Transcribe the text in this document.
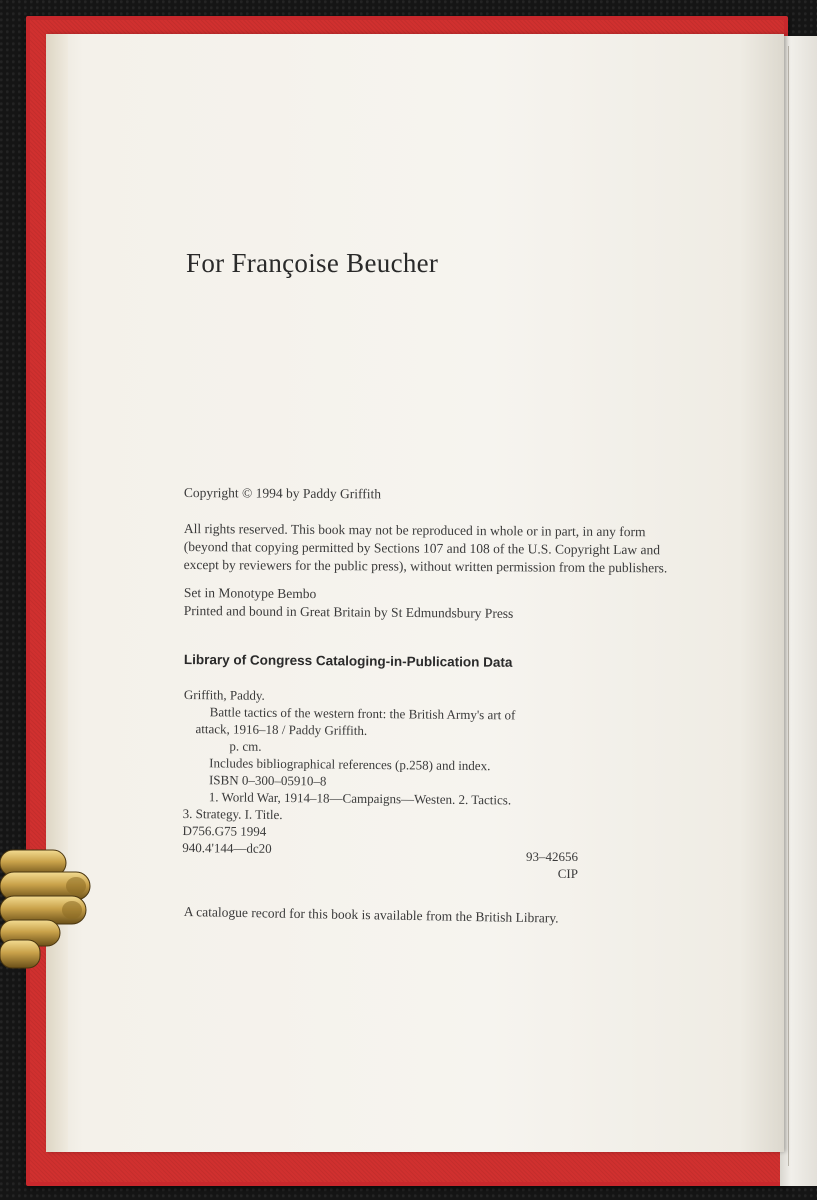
For Françoise Beucher
Copyright © 1994 by Paddy Griffith
All rights reserved. This book may not be reproduced in whole or in part, in any form
(beyond that copying permitted by Sections 107 and 108 of the U.S. Copyright Law and
except by reviewers for the public press), without written permission from the publishers.
Set in Monotype Bembo
Printed and bound in Great Britain by St Edmundsbury Press
Library of Congress Cataloging-in-Publication Data
Griffith, Paddy.
Battle tactics of the western front: the British Army's art of
attack, 1916–18 / Paddy Griffith.
p. cm.
Includes bibliographical references (p.258) and index.
ISBN 0–300–05910–8
1. World War, 1914–18—Campaigns—Westen. 2. Tactics.
3. Strategy. I. Title.
D756.G75 1994
940.4'144—dc20
93–42656
CIP
A catalogue record for this book is available from the British Library.
